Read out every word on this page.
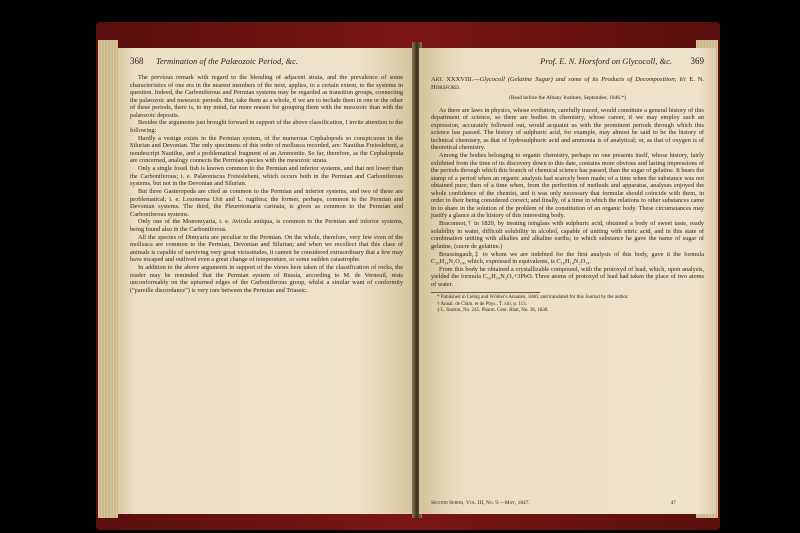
368 Termination of the Palæozoic Period, &c.

The previous remark with regard to the blending of adjacent strata, and the prevalence of some characteristics of one era in the nearest members of the next, applies, to a certain extent, to the systems in question. Indeed, the Carboniferous and Permian systems may be regarded as transition groups, connecting the palæozoic and mesozoic periods. But, take them as a whole, if we are to include them in one or the other of these periods, there is, to my mind, far more reason for grouping them with the mesozoic than with the palæozoic deposits.

Besides the arguments just brought forward in support of the above classification, I invite attention to the following:

Hardly a vestige exists in the Permian system, of the numerous Cephalopods so conspicuous in the Silurian and Devonian. The only specimens of this order of mollusca recorded, are: Nautilus Freieslebeni, a nondescript Nautilus, and a problematical fragment of an Ammonite. So far, therefore, as the Cephalopoda are concerned, analogy connects the Permian species with the mesozoic strata.

Only a single fossil fish is known common to the Permian and inferior systems, and that not lower than the Carboniferous; i. e. Palæoniscus Freieslebeni, which occurs both in the Permian and Carboniferous systems, but not in the Devonian and Silurian.

But three Gasteropoda are cited as common to the Permian and inferior systems, and two of these are problematical; i. e. Loxonema Urii and L. rugifera; the former, perhaps, common to the Permian and Devonian systems. The third, the Pleurotomaria carinata, is given as common to the Permian and Carboniferous systems.

Only one of the Monomyaria, i. e. Avicula antiqua, is common to the Permian and inferior systems, being found also in the Carboniferous.

All the species of Dimyaria are peculiar to the Permian. On the whole, therefore, very few even of the mollusca are common to the Permian, Devonian and Silurian; and when we recollect that this class of animals is capable of surviving very great vicissitudes, it cannot be considered extraordinary that a few may have escaped and outlived even a great change of temperature, or some sudden catastrophe.

In addition to the above arguments in support of the views here taken of the classification of rocks, the reader may be reminded that the Permian system of Russia, according to M. de Verneuil, rests unconformably on the upturned edges of the Carboniferous group, whilst a similar want of conformity ("pareille discordance") is very rare between the Permian and Triassic.

Prof. E. N. Horsford on Glycocoll, &c. 369
Art. XXXVIII.—Glycocoll (Gelatine Sugar) and some of its Products of Decomposition; by E. N. Horsford.
(Read before the Albany Institute, September, 1846.*)

As there are laws in physics, whose evolution, carefully traced, would constitute a general history of this department of science, so there are bodies in chemistry, whose career, if we may employ such an expression, accurately followed out, would acquaint us with the prominent periods through which this science has passed. The history of sulphuric acid, for example, may almost be said to be the history of technical chemistry, as that of hydrosulphuric acid and ammonia is of analytical; or, as that of oxygen is of theoretical chemistry.

Among the bodies belonging to organic chemistry, perhaps no one presents itself, whose history, fairly exhibited from the time of its discovery down to this date, contains more obvious and lasting impressions of the periods through which this branch of chemical science has passed, than the sugar of gelatine. It bears the stamp of a period when an organic analysis had scarcely been made; of a time when the substance was not obtained pure; then of a time when, from the perfection of methods and apparatus, analyses enjoyed the whole confidence of the chemist, and it was only necessary that formulæ should coincide with them, in order to their being considered correct; and finally, of a time in which the relations to other substances came in to share in the solution of the problem of the constitution of an organic body. These circumstances may justify a glance at the history of this interesting body.

Braconnot,† in 1820, by treating isinglass with sulphuric acid, obtained a body of sweet taste, ready solubility in water, difficult solubility in alcohol, capable of uniting with nitric acid, and in this state of combination uniting with alkalies and alkaline earths; to which substance he gave the name of sugar of gelatine, (sucre de gelatine.)

Boussingault,‡ to whom we are indebted for the first analysis of this body, gave it the formula C₁₆H₁₄N₂O₁₄, which, expressed in equivalents, is C₁₆H₁₄N₂O₁₄.

From this body he obtained a crystallizable compound, with the protoxyd of lead, which, upon analysis, yielded the formula C₁₆H₁₄N₂O₇+3PbO. Three atoms of protoxyd of lead had taken the place of two atoms of water.

* Published in Liebig and Wöhler's Annalen, 1846; and translated for this Journal by the author.

† Annal. de Chim. et de Phys., T. xiii, p. 113.

‡ L. Institut, No. 245. Pharm. Cent. Blatt, No. 36, 1838.

Second Series, Vol. III, No. 9.—May, 1847.	47
